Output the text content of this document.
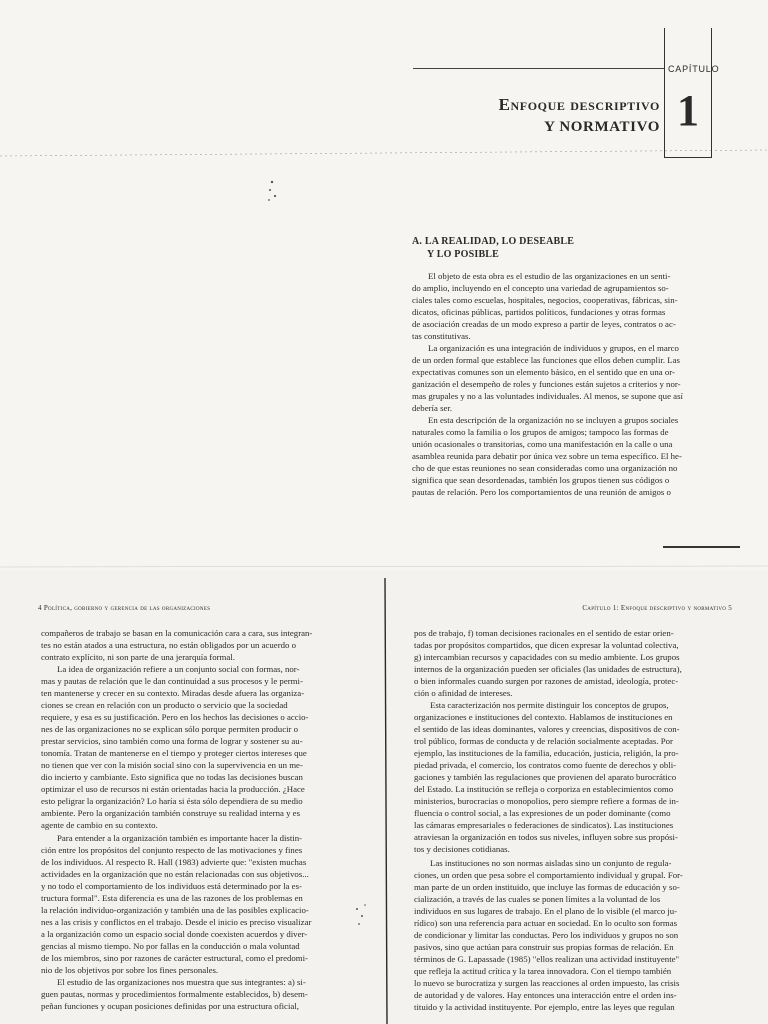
CAPÍTULO
1
Enfoque descriptivo
Y NORMATIVO
A. LA REALIDAD, LO DESEABLE
Y LO POSIBLE
El objeto de esta obra es el estudio de las organizaciones en un senti-
do amplio, incluyendo en el concepto una variedad de agrupamientos so-
ciales tales como escuelas, hospitales, negocios, cooperativas, fábricas, sin-
dicatos, oficinas públicas, partidos políticos, fundaciones y otras formas
de asociación creadas de un modo expreso a partir de leyes, contratos o ac-
tas constitutivas.
La organización es una integración de individuos y grupos, en el marco
de un orden formal que establece las funciones que ellos deben cumplir. Las
expectativas comunes son un elemento básico, en el sentido que en una or-
ganización el desempeño de roles y funciones están sujetos a criterios y nor-
mas grupales y no a las voluntades individuales. Al menos, se supone que así
debería ser.
En esta descripción de la organización no se incluyen a grupos sociales
naturales como la familia o los grupos de amigos; tampoco las formas de
unión ocasionales o transitorias, como una manifestación en la calle o una
asamblea reunida para debatir por única vez sobre un tema específico. El he-
cho de que estas reuniones no sean consideradas como una organización no
significa que sean desordenadas, también los grupos tienen sus códigos o
pautas de relación. Pero los comportamientos de una reunión de amigos o
4 Política, gobierno y gerencia de las organizaciones	Capítulo 1: Enfoque descriptivo y normativo 5
compañeros de trabajo se basan en la comunicación cara a cara, sus integran-
tes no están atados a una estructura, no están obligados por un acuerdo o
contrato explícito, ni son parte de una jerarquía formal.
La idea de organización refiere a un conjunto social con formas, nor-
mas y pautas de relación que le dan continuidad a sus procesos y le permi-
ten mantenerse y crecer en su contexto. Miradas desde afuera las organiza-
ciones se crean en relación con un producto o servicio que la sociedad
requiere, y esa es su justificación. Pero en los hechos las decisiones o accio-
nes de las organizaciones no se explican sólo porque permiten producir o
prestar servicios, sino también como una forma de lograr y sostener su au-
tonomía. Tratan de mantenerse en el tiempo y proteger ciertos intereses que
no tienen que ver con la misión social sino con la supervivencia en un me-
dio incierto y cambiante. Esto significa que no todas las decisiones buscan
optimizar el uso de recursos ni están orientadas hacia la producción. ¿Hace
esto peligrar la organización? Lo haría si ésta sólo dependiera de su medio
ambiente. Pero la organización también construye su realidad interna y es
agente de cambio en su contexto.
Para entender a la organización también es importante hacer la distin-
ción entre los propósitos del conjunto respecto de las motivaciones y fines
de los individuos. Al respecto R. Hall (1983) advierte que: "existen muchas
actividades en la organización que no están relacionadas con sus objetivos...
y no todo el comportamiento de los individuos está determinado por la es-
tructura formal". Esta diferencia es una de las razones de los problemas en
la relación individuo-organización y también una de las posibles explicacio-
nes a las crisis y conflictos en el trabajo. Desde el inicio es preciso visualizar
a la organización como un espacio social donde coexisten acuerdos y diver-
gencias al mismo tiempo. No por fallas en la conducción o mala voluntad
de los miembros, sino por razones de carácter estructural, como el predomi-
nio de los objetivos por sobre los fines personales.
El estudio de las organizaciones nos muestra que sus integrantes: a) si-
guen pautas, normas y procedimientos formalmente establecidos, b) desem-
peñan funciones y ocupan posiciones definidas por una estructura oficial,
pos de trabajo, f) toman decisiones racionales en el sentido de estar orien-
tadas por propósitos compartidos, que dicen expresar la voluntad colectiva,
g) intercambian recursos y capacidades con su medio ambiente. Los grupos
internos de la organización pueden ser oficiales (las unidades de estructura),
o bien informales cuando surgen por razones de amistad, ideología, protec-
ción o afinidad de intereses.
Esta caracterización nos permite distinguir los conceptos de grupos,
organizaciones e instituciones del contexto. Hablamos de instituciones en
el sentido de las ideas dominantes, valores y creencias, dispositivos de con-
trol público, formas de conducta y de relación socialmente aceptadas. Por
ejemplo, las instituciones de la familia, educación, justicia, religión, la pro-
piedad privada, el comercio, los contratos como fuente de derechos y obli-
gaciones y también las regulaciones que provienen del aparato burocrático
del Estado. La institución se refleja o corporiza en establecimientos como
ministerios, burocracias o monopolios, pero siempre refiere a formas de in-
fluencia o control social, a las expresiones de un poder dominante (como
las cámaras empresariales o federaciones de sindicatos). Las instituciones
atraviesan la organización en todos sus niveles, influyen sobre sus propósi-
tos y decisiones cotidianas.
Las instituciones no son normas aisladas sino un conjunto de regula-
ciones, un orden que pesa sobre el comportamiento individual y grupal. For-
man parte de un orden instituido, que incluye las formas de educación y so-
cialización, a través de las cuales se ponen límites a la voluntad de los
individuos en sus lugares de trabajo. En el plano de lo visible (el marco ju-
rídico) son una referencia para actuar en sociedad. En lo oculto son formas
de condicionar y limitar las conductas. Pero los individuos y grupos no son
pasivos, sino que actúan para construir sus propias formas de relación. En
términos de G. Lapassade (1985) "ellos realizan una actividad instituyente"
que refleja la actitud crítica y la tarea innovadora. Con el tiempo también
lo nuevo se burocratiza y surgen las reacciones al orden impuesto, las crisis
de autoridad y de valores. Hay entonces una interacción entre el orden ins-
tituido y la actividad instituyente. Por ejemplo, entre las leyes que regulan
